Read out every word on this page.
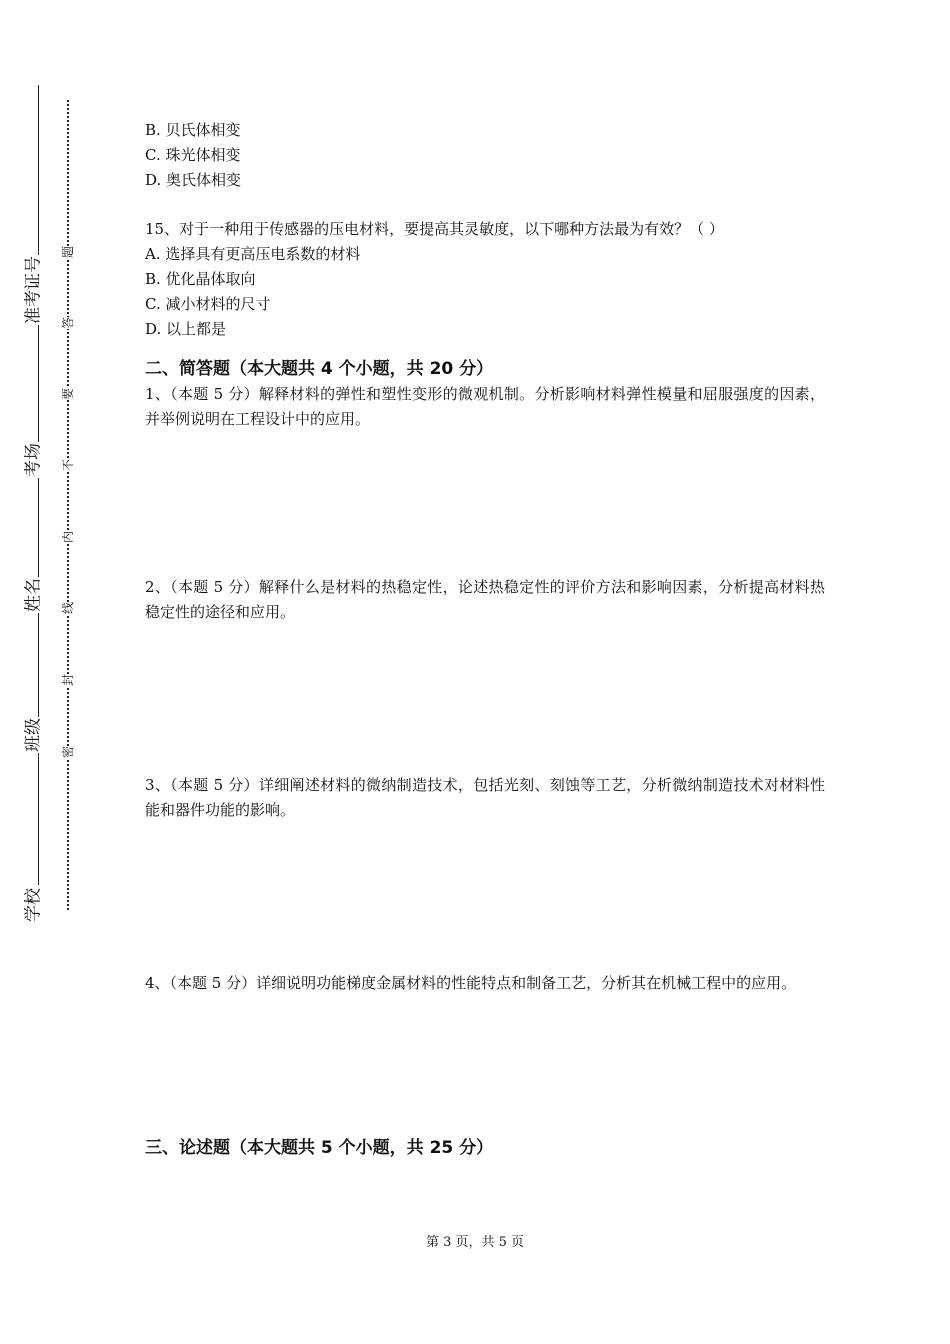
准考证号
考场
姓名
班级
学校
题
答
要
不
内
线
封
密
B. 贝氏体相变
C. 珠光体相变
D. 奥氏体相变
15、对于一种用于传感器的压电材料，要提高其灵敏度，以下哪种方法最为有效？（ ）
A. 选择具有更高压电系数的材料
B. 优化晶体取向
C. 减小材料的尺寸
D. 以上都是
二、简答题（本大题共 4 个小题，共 20 分）
1、（本题 5 分）解释材料的弹性和塑性变形的微观机制。分析影响材料弹性模量和屈服强度的因素，并举例说明在工程设计中的应用。
2、（本题 5 分）解释什么是材料的热稳定性，论述热稳定性的评价方法和影响因素，分析提高材料热稳定性的途径和应用。
3、（本题 5 分）详细阐述材料的微纳制造技术，包括光刻、刻蚀等工艺，分析微纳制造技术对材料性能和器件功能的影响。
4、（本题 5 分）详细说明功能梯度金属材料的性能特点和制备工艺，分析其在机械工程中的应用。
三、论述题（本大题共 5 个小题，共 25 分）
第 3 页，共 5 页
